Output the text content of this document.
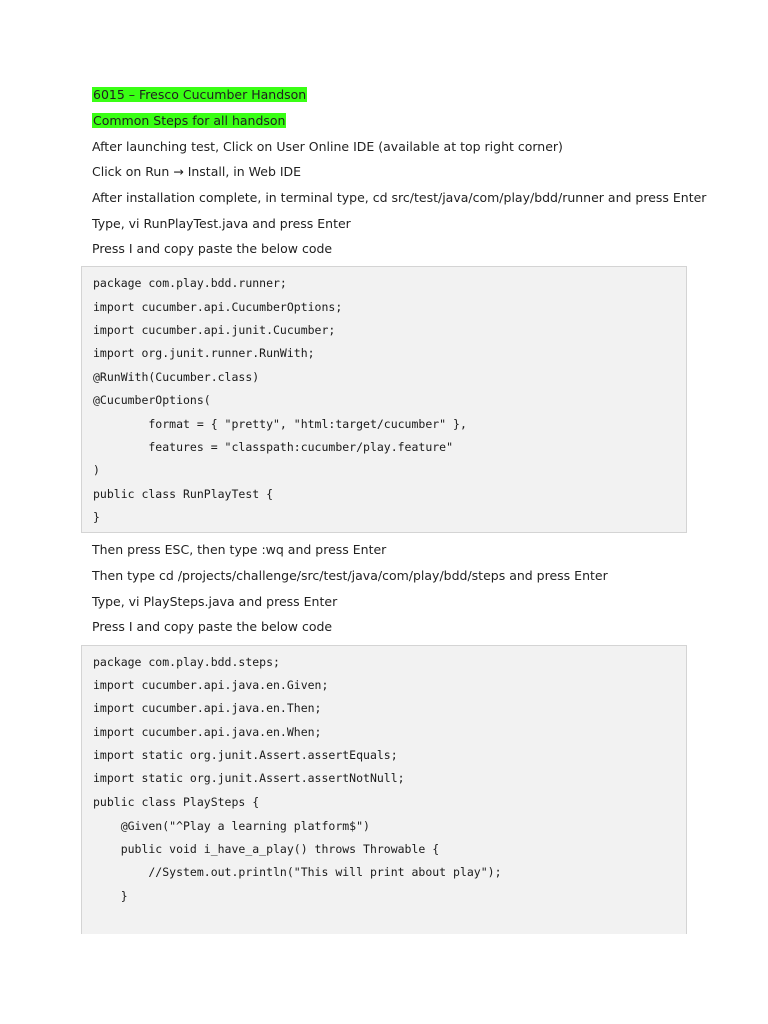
6015 – Fresco Cucumber Handson
Common Steps for all handson
After launching test, Click on User Online IDE (available at top right corner)
Click on Run → Install, in Web IDE
After installation complete, in terminal type, cd src/test/java/com/play/bdd/runner and press Enter
Type, vi RunPlayTest.java and press Enter
Press I and copy paste the below code
package com.play.bdd.runner;
import cucumber.api.CucumberOptions;
import cucumber.api.junit.Cucumber;
import org.junit.runner.RunWith;
@RunWith(Cucumber.class)
@CucumberOptions(
format = { "pretty", "html:target/cucumber" },
features = "classpath:cucumber/play.feature"
)
public class RunPlayTest {
}
Then press ESC, then type :wq and press Enter
Then type cd /projects/challenge/src/test/java/com/play/bdd/steps and press Enter
Type, vi PlaySteps.java and press Enter
Press I and copy paste the below code
package com.play.bdd.steps;
import cucumber.api.java.en.Given;
import cucumber.api.java.en.Then;
import cucumber.api.java.en.When;
import static org.junit.Assert.assertEquals;
import static org.junit.Assert.assertNotNull;
public class PlaySteps {
@Given("^Play a learning platform$")
public void i_have_a_play() throws Throwable {
//System.out.println("This will print about play");
}
